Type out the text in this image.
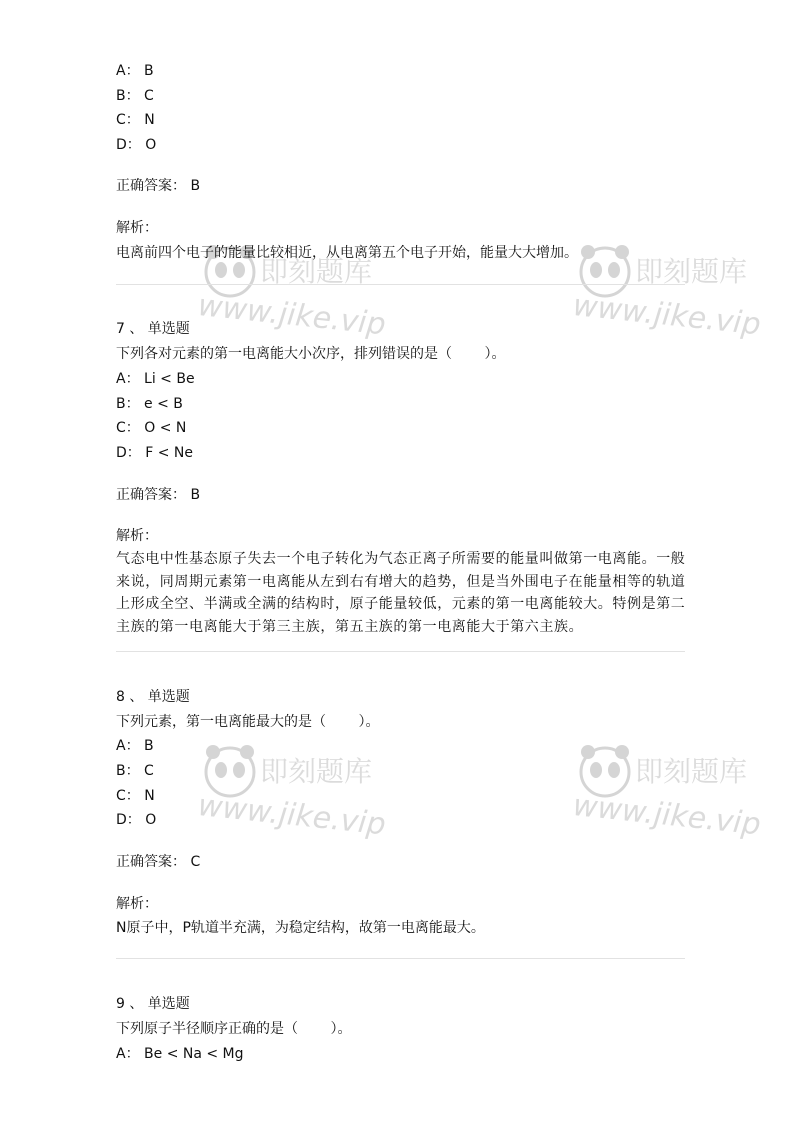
即刻题库
www.jike.vip
即刻题库
www.jike.vip
即刻题库
www.jike.vip
即刻题库
www.jike.vip
A： B
B： C
C： N
D： O
正确答案： B
解析：
电离前四个电子的能量比较相近，从电离第五个电子开始，能量大大增加。
7 、 单选题
下列各对元素的第一电离能大小次序，排列错误的是（　　 ）。
A： Li < Be
B： e < B
C： O < N
D： F < Ne
正确答案： B
解析：
气态电中性基态原子失去一个电子转化为气态正离子所需要的能量叫做第一电离能。一般来说，同周期元素第一电离能从左到右有增大的趋势，但是当外围电子在能量相等的轨道上形成全空、半满或全满的结构时，原子能量较低，元素的第一电离能较大。特例是第二主族的第一电离能大于第三主族，第五主族的第一电离能大于第六主族。
8 、 单选题
下列元素，第一电离能最大的是（　　 ）。
A： B
B： C
C： N
D： O
正确答案： C
解析：
N原子中，P轨道半充满，为稳定结构，故第一电离能最大。
9 、 单选题
下列原子半径顺序正确的是（　　 ）。
A： Be < Na < Mg
